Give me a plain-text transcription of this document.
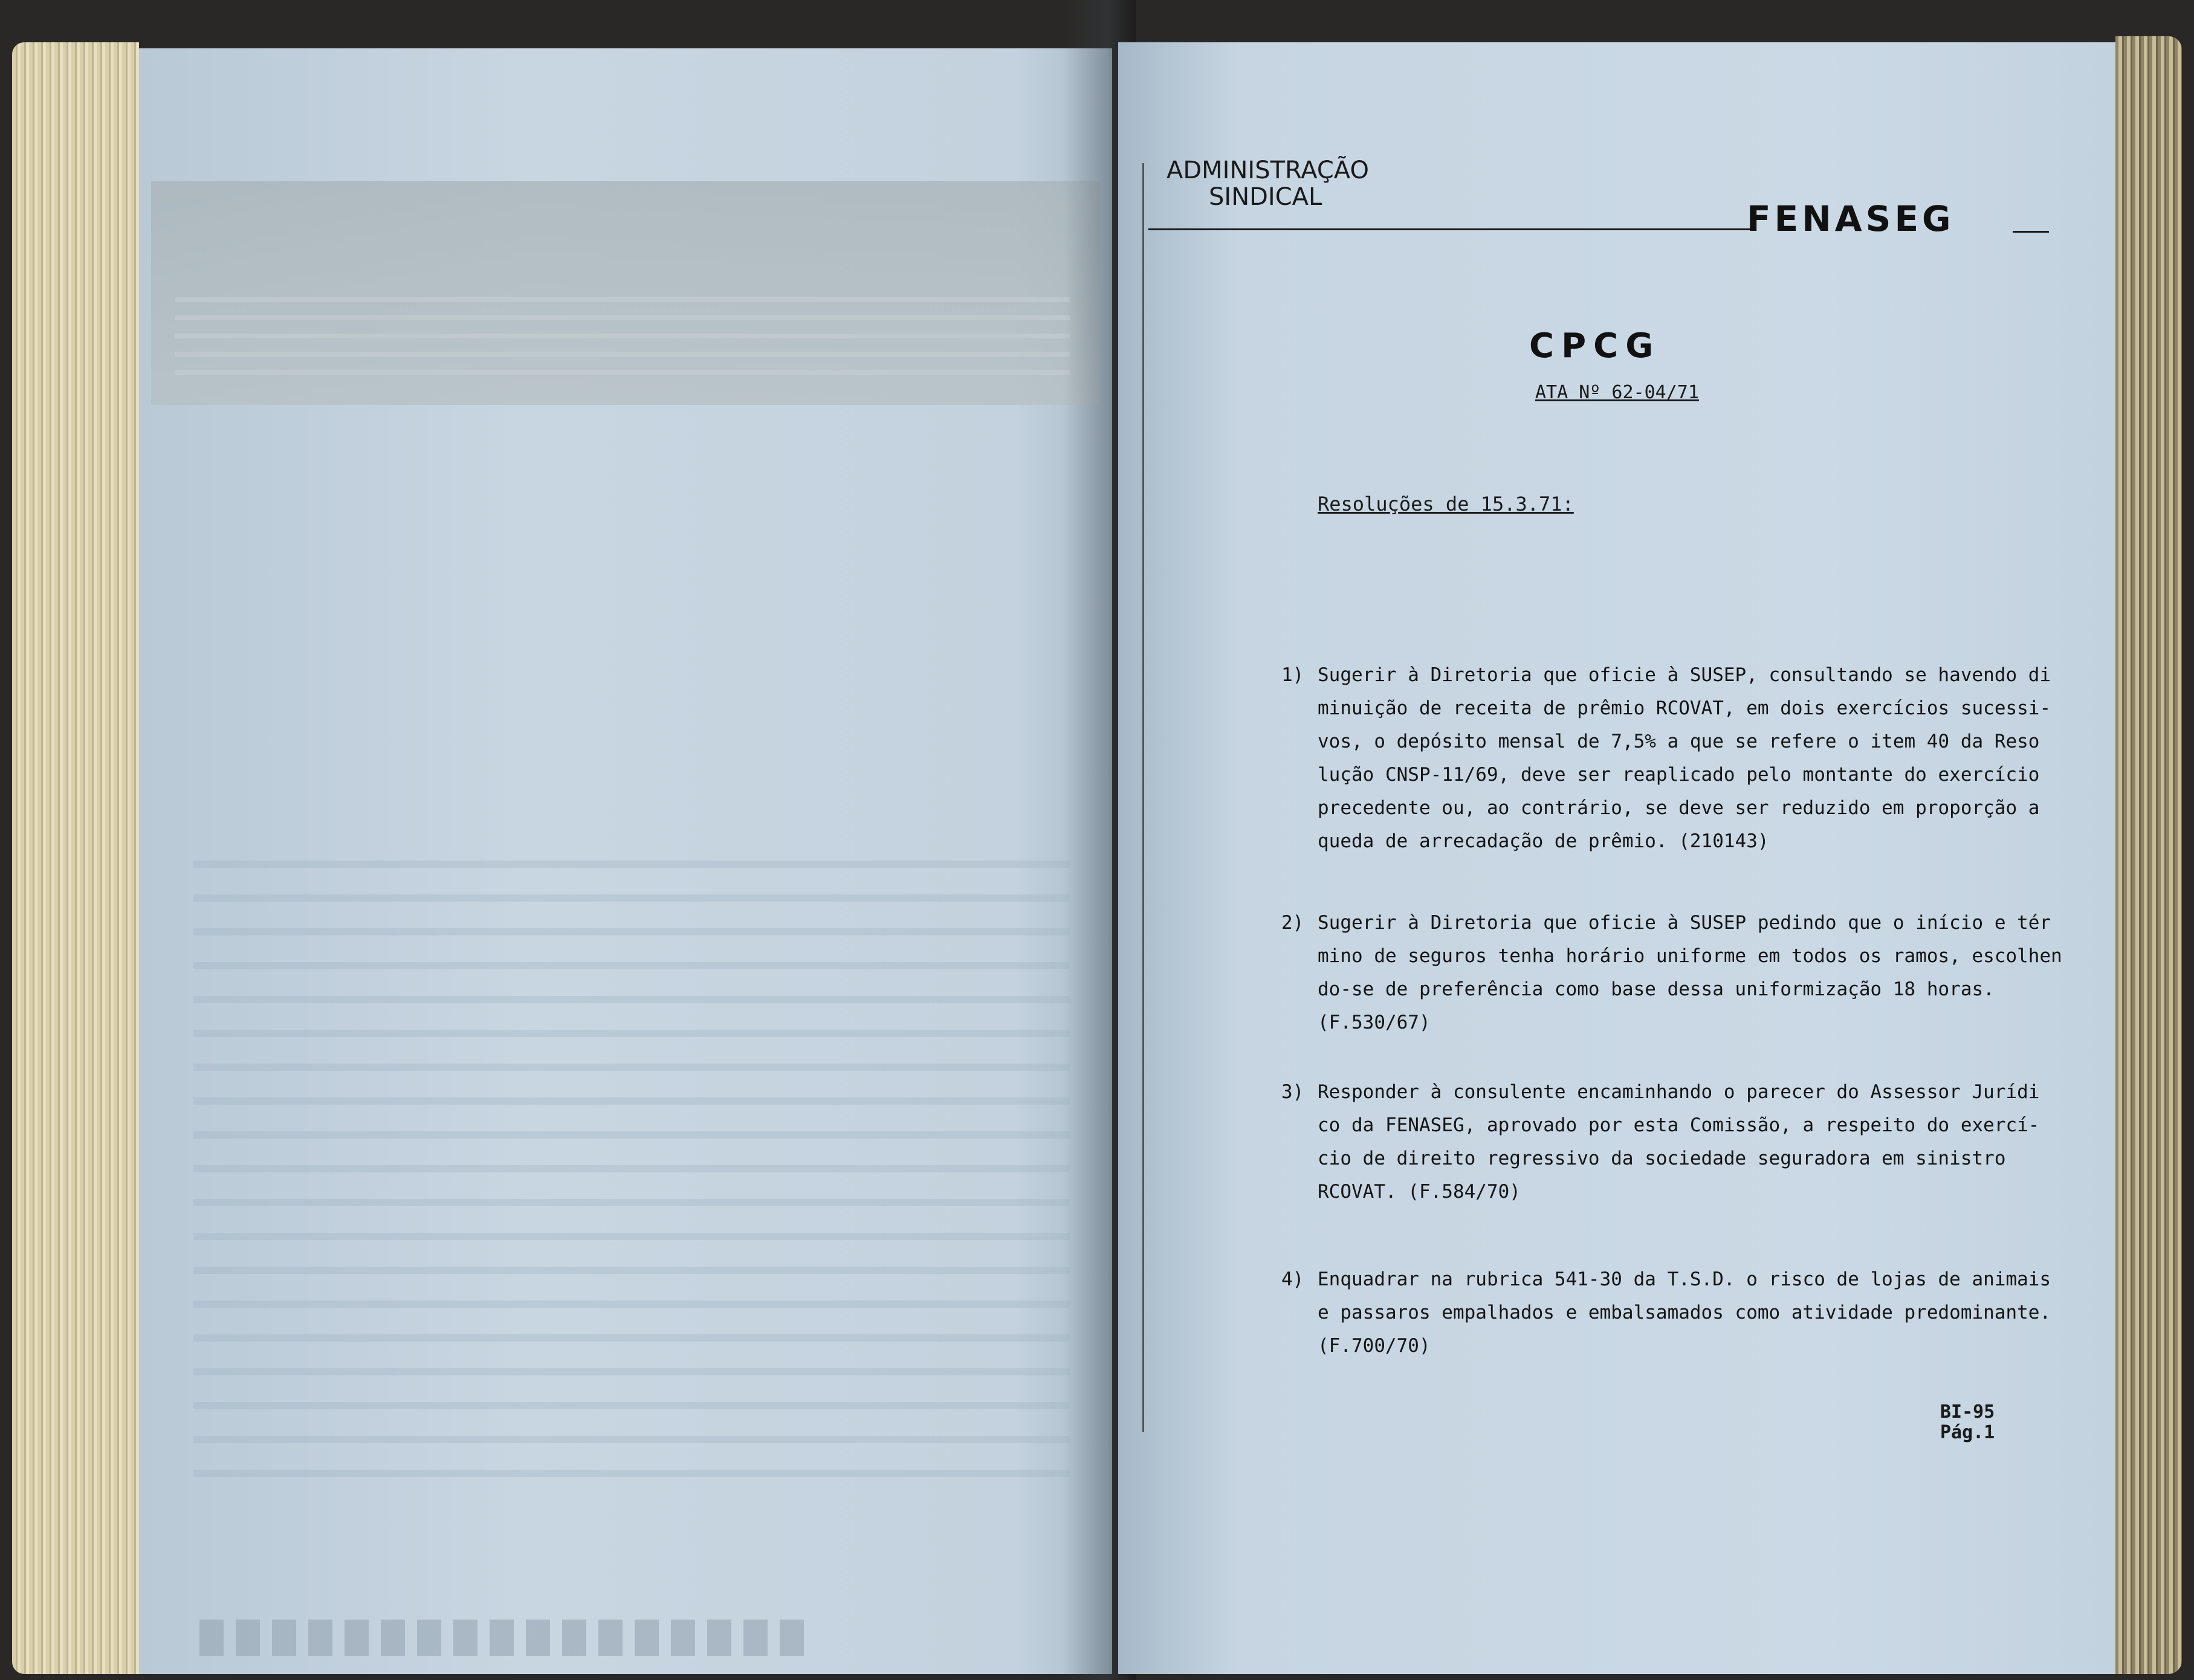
ADMINISTRAÇÃO
SINDICAL
FENASEG
CPCG
ATA Nº 62-04/71
Resoluções de 15.3.71:
1) Sugerir à Diretoria que oficie à SUSEP, consultando se havendo di
minuição de receita de prêmio RCOVAT, em dois exercícios sucessi-
vos, o depósito mensal de 7,5% a que se refere o item 40 da Reso
lução CNSP-11/69, deve ser reaplicado pelo montante do exercício
precedente ou, ao contrário, se deve ser reduzido em proporção a
queda de arrecadação de prêmio. (210143)
2) Sugerir à Diretoria que oficie à SUSEP pedindo que o início e tér
mino de seguros tenha horário uniforme em todos os ramos, escolhen
do-se de preferência como base dessa uniformização 18 horas.
(F.530/67)
3) Responder à consulente encaminhando o parecer do Assessor Jurídi
co da FENASEG, aprovado por esta Comissão, a respeito do exercí-
cio de direito regressivo da sociedade seguradora em sinistro
RCOVAT. (F.584/70)
4) Enquadrar na rubrica 541-30 da T.S.D. o risco de lojas de animais
e passaros empalhados e embalsamados como atividade predominante.
(F.700/70)
BI-95
Pág.1
